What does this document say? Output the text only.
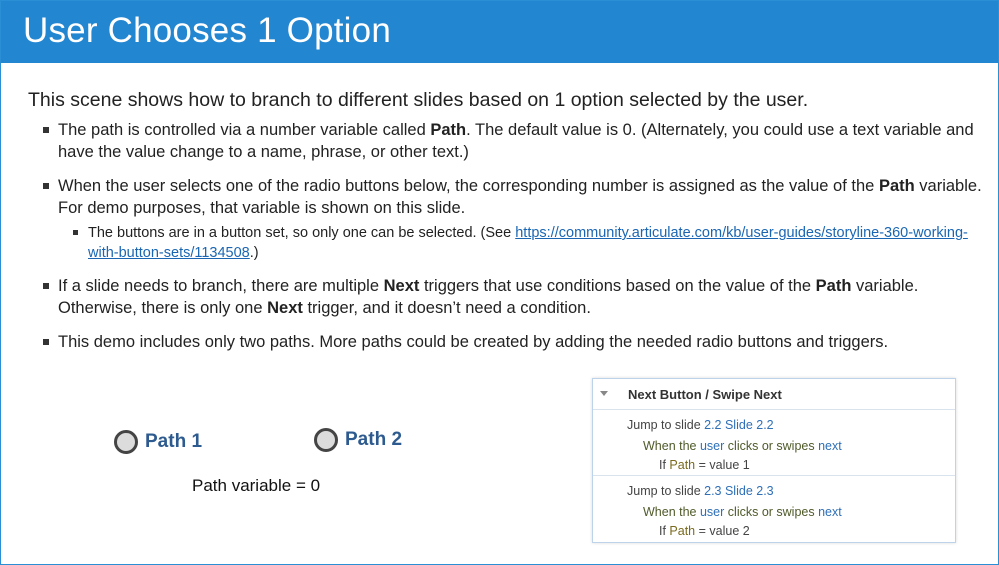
User Chooses 1 Option
This scene shows how to branch to different slides based on 1 option selected by the user.
The path is controlled via a number variable called Path. The default value is 0. (Alternately, you could use a text variable and have the value change to a name, phrase, or other text.)
When the user selects one of the radio buttons below, the corresponding number is assigned as the value of the Path variable. For demo purposes, that variable is shown on this slide.
The buttons are in a button set, so only one can be selected. (See https://community.articulate.com/kb/user-guides/storyline-360-working-with-button-sets/1134508.)
If a slide needs to branch, there are multiple Next triggers that use conditions based on the value of the Path variable. Otherwise, there is only one Next trigger, and it doesn’t need a condition.
This demo includes only two paths. More paths could be created by adding the needed radio buttons and triggers.
Path 1	Path 2
Path variable = 0
Next Button / Swipe Next
Jump to slide 2.2 Slide 2.2
When the user clicks or swipes next
If Path = value 1
Jump to slide 2.3 Slide 2.3
When the user clicks or swipes next
If Path = value 2
